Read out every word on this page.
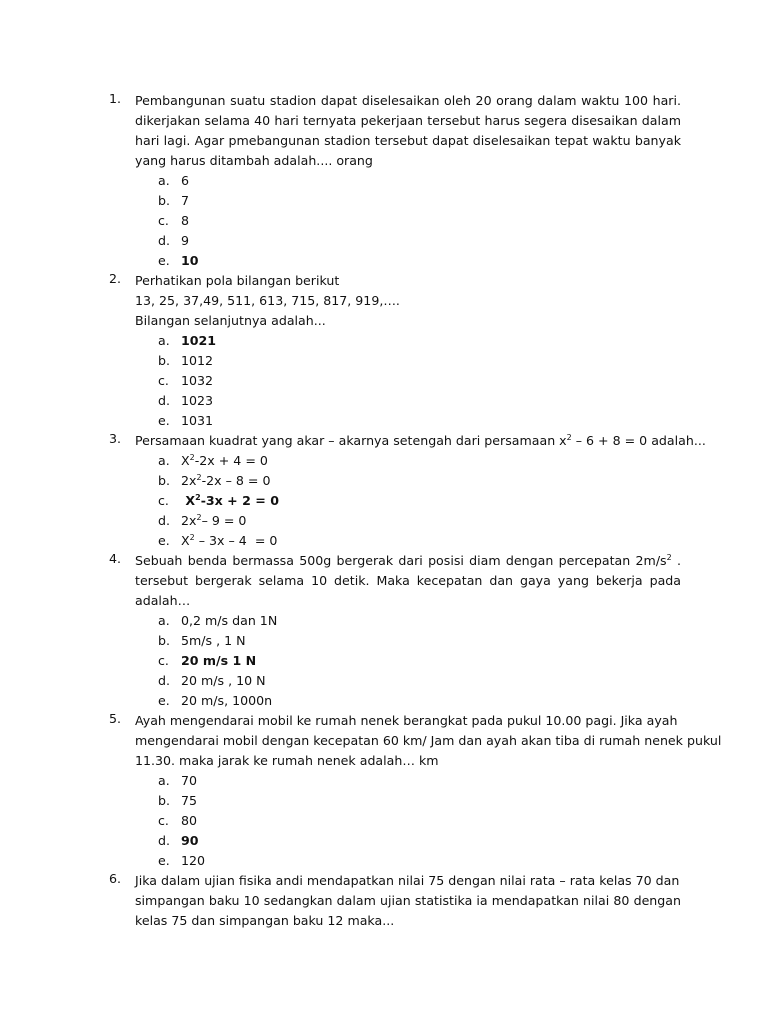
1.	Pembangunan suatu stadion dapat diselesaikan oleh 20 orang dalam waktu 100 hari.
dikerjakan selama 40 hari ternyata pekerjaan tersebut harus segera disesaikan dalam
hari lagi. Agar pmebangunan stadion tersebut dapat diselesaikan tepat waktu banyak
yang harus ditambah adalah.... orang
a. 6
b. 7
c. 8
d. 9
e. 10
2.	Perhatikan pola bilangan berikut
13, 25, 37,49, 511, 613, 715, 817, 919,….
Bilangan selanjutnya adalah...
a. 1021
b. 1012
c. 1032
d. 1023
e. 1031
3.	Persamaan kuadrat yang akar – akarnya setengah dari persamaan $x^2 - 6 + 8 = 0$ adalah...
a. $X^2-2x + 4 = 0$
b. $2x^2-2x - 8 = 0$
c. $X^2-3x + 2 = 0$
d. $2x^2-$ 9 = 0
e. $X^2 - 3x - 4 = 0$
4.	Sebuah benda bermassa 500g bergerak dari posisi diam dengan percepatan $2m/s^2$ .
tersebut bergerak selama 10 detik. Maka kecepatan dan gaya yang bekerja pada
adalah…
a. 0,2 m/s dan 1N
b. 5m/s , 1 N
c. 20 m/s 1 N
d. 20 m/s , 10 N
e. 20 m/s, 1000n
5.	Ayah mengendarai mobil ke rumah nenek berangkat pada pukul 10.00 pagi. Jika ayah
mengendarai mobil dengan kecepatan 60 km/ Jam dan ayah akan tiba di rumah nenek pukul
11.30. maka jarak ke rumah nenek adalah… km
a. 70
b. 75
c. 80
d. 90
e. 120
6.	Jika dalam ujian fisika andi mendapatkan nilai 75 dengan nilai rata – rata kelas 70 dan
simpangan baku 10 sedangkan dalam ujian statistika ia mendapatkan nilai 80 dengan
kelas 75 dan simpangan baku 12 maka...
